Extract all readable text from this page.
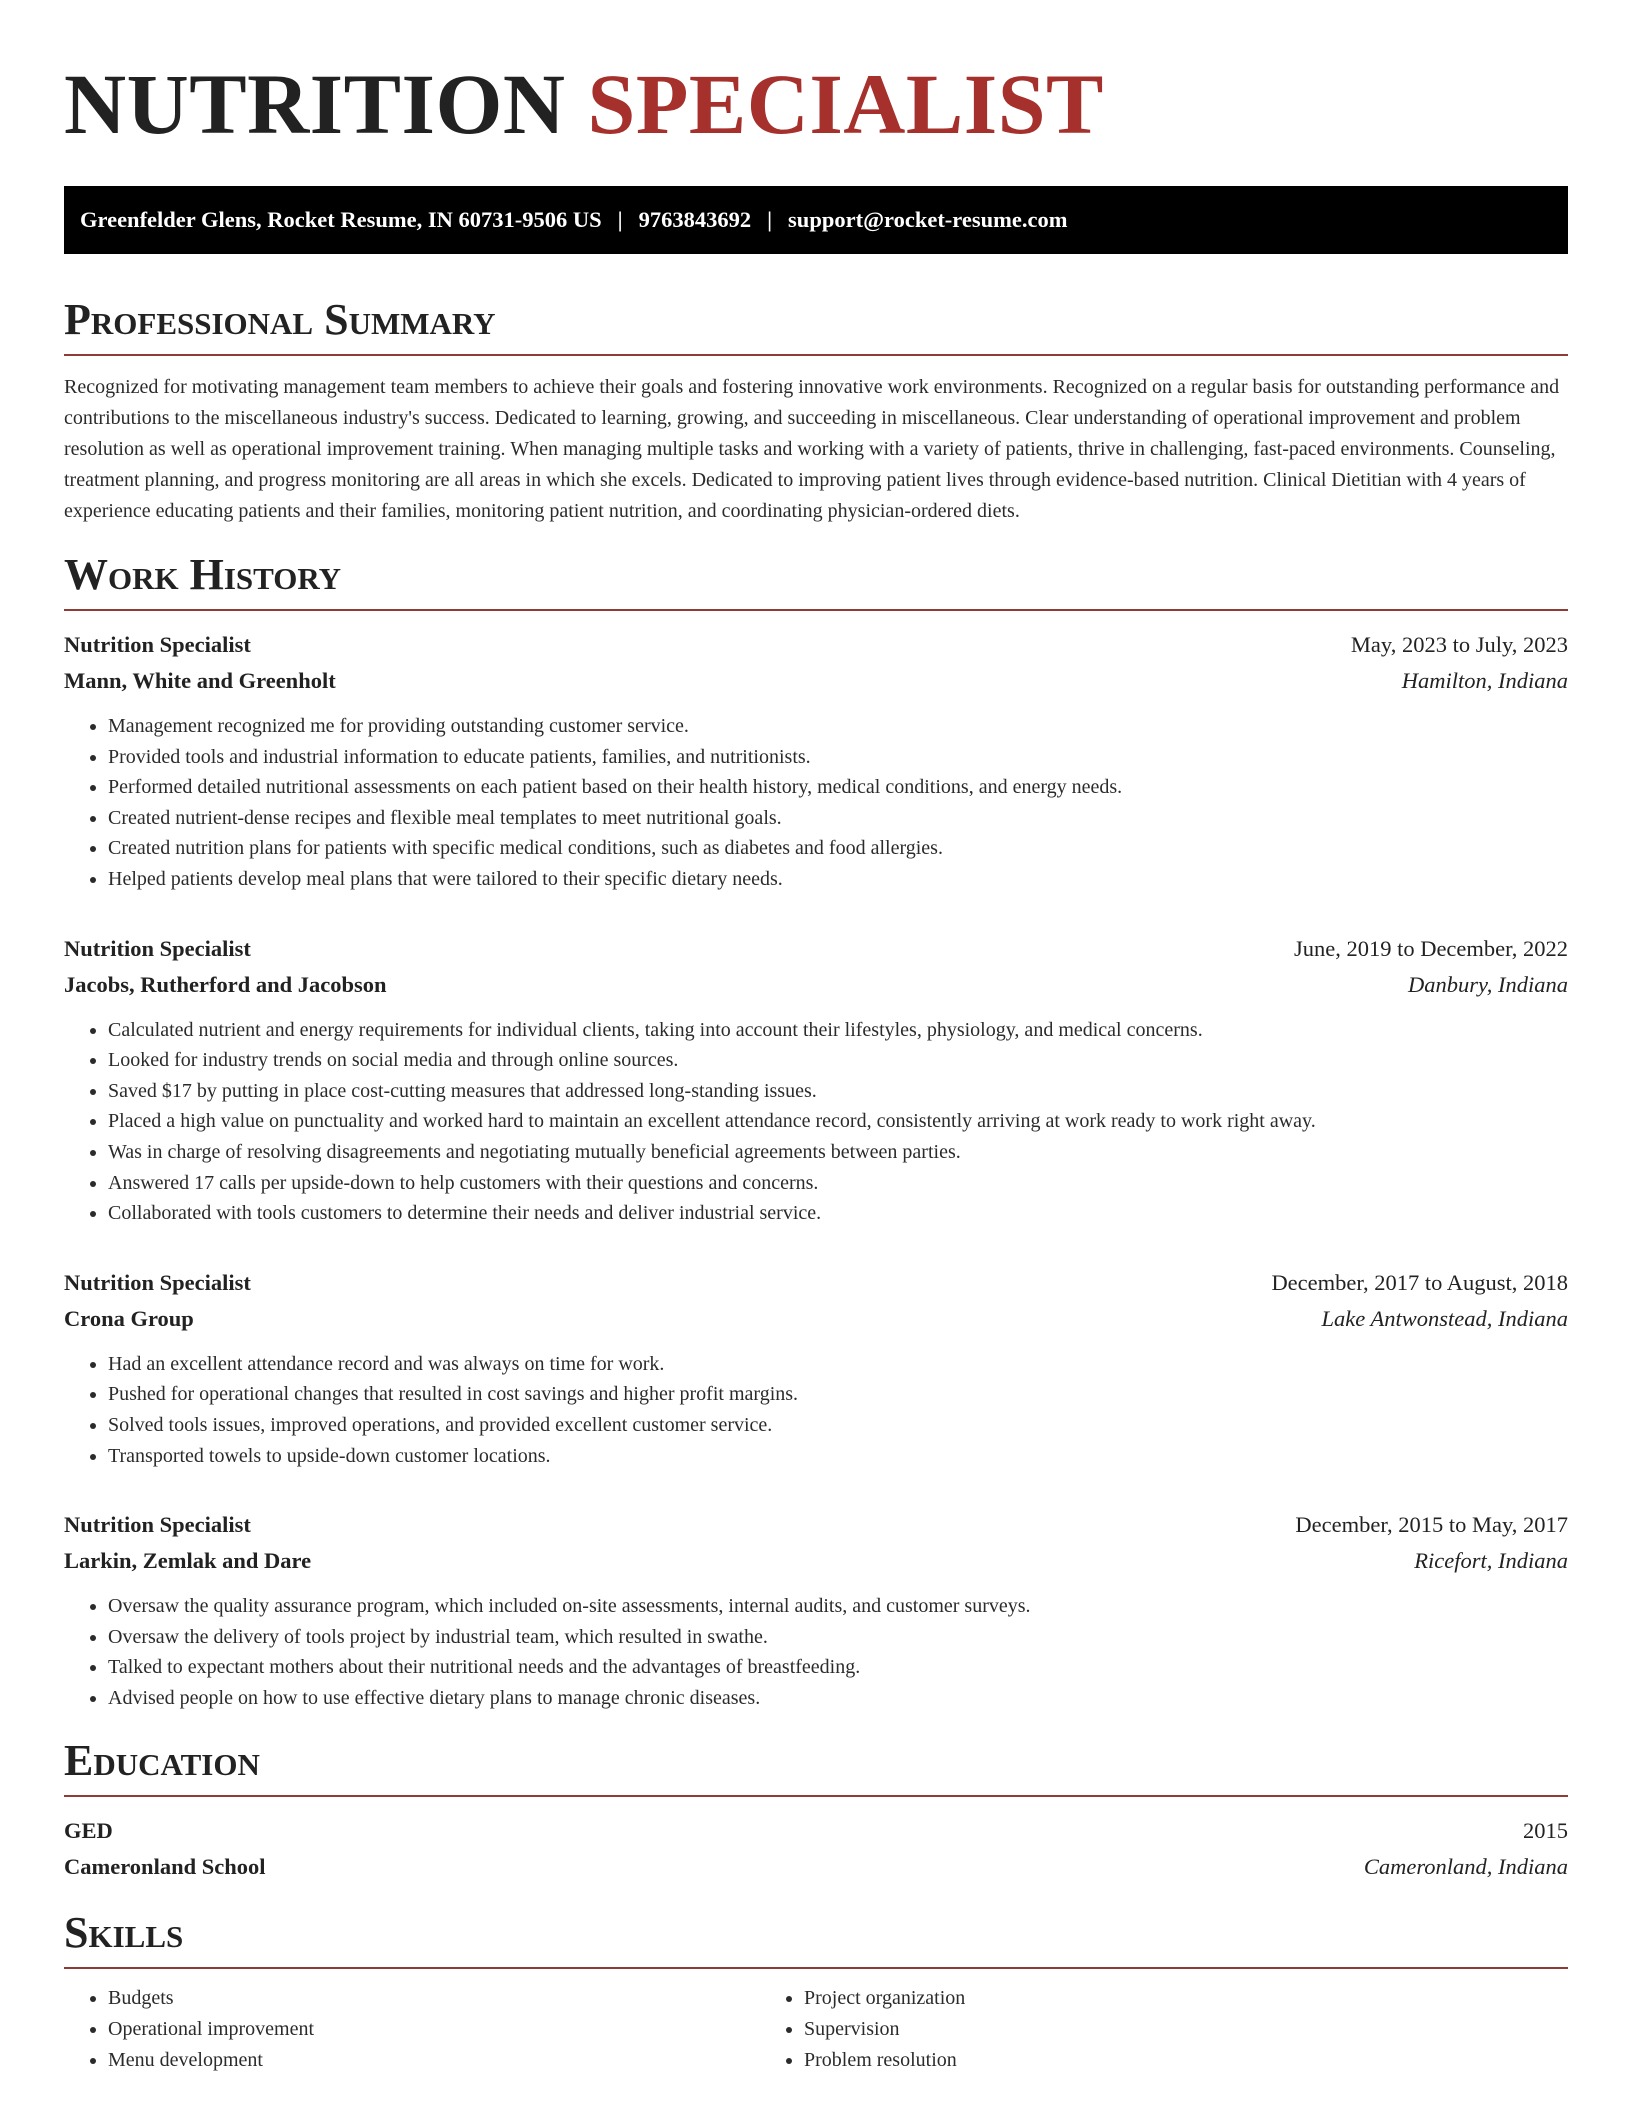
NUTRITION SPECIALIST
Greenfelder Glens, Rocket Resume, IN 60731-9506 US | 9763843692 | support@rocket-resume.com
Professional Summary

Recognized for motivating management team members to achieve their goals and fostering innovative work environments. Recognized on a regular basis for outstanding performance and contributions to the miscellaneous industry's success. Dedicated to learning, growing, and succeeding in miscellaneous. Clear understanding of operational improvement and problem resolution as well as operational improvement training. When managing multiple tasks and working with a variety of patients, thrive in challenging, fast-paced environments. Counseling, treatment planning, and progress monitoring are all areas in which she excels. Dedicated to improving patient lives through evidence-based nutrition. Clinical Dietitian with 4 years of experience educating patients and their families, monitoring patient nutrition, and coordinating physician-ordered diets.

Work History
Nutrition Specialist	May, 2023 to July, 2023
Mann, White and Greenholt	Hamilton, Indiana
• Management recognized me for providing outstanding customer service.
• Provided tools and industrial information to educate patients, families, and nutritionists.
• Performed detailed nutritional assessments on each patient based on their health history, medical conditions, and energy needs.
• Created nutrient-dense recipes and flexible meal templates to meet nutritional goals.
• Created nutrition plans for patients with specific medical conditions, such as diabetes and food allergies.
• Helped patients develop meal plans that were tailored to their specific dietary needs.
Nutrition Specialist	June, 2019 to December, 2022
Jacobs, Rutherford and Jacobson	Danbury, Indiana
• Calculated nutrient and energy requirements for individual clients, taking into account their lifestyles, physiology, and medical concerns.
• Looked for industry trends on social media and through online sources.
• Saved $17 by putting in place cost-cutting measures that addressed long-standing issues.
• Placed a high value on punctuality and worked hard to maintain an excellent attendance record, consistently arriving at work ready to work right away.
• Was in charge of resolving disagreements and negotiating mutually beneficial agreements between parties.
• Answered 17 calls per upside-down to help customers with their questions and concerns.
• Collaborated with tools customers to determine their needs and deliver industrial service.
Nutrition Specialist	December, 2017 to August, 2018
Crona Group	Lake Antwonstead, Indiana
• Had an excellent attendance record and was always on time for work.
• Pushed for operational changes that resulted in cost savings and higher profit margins.
• Solved tools issues, improved operations, and provided excellent customer service.
• Transported towels to upside-down customer locations.
Nutrition Specialist	December, 2015 to May, 2017
Larkin, Zemlak and Dare	Ricefort, Indiana
• Oversaw the quality assurance program, which included on-site assessments, internal audits, and customer surveys.
• Oversaw the delivery of tools project by industrial team, which resulted in swathe.
• Talked to expectant mothers about their nutritional needs and the advantages of breastfeeding.
• Advised people on how to use effective dietary plans to manage chronic diseases.
Education
GED	2015
Cameronland School	Cameronland, Indiana
Skills
• Budgets
• Operational improvement
• Menu development
• Project organization
• Supervision
• Problem resolution
